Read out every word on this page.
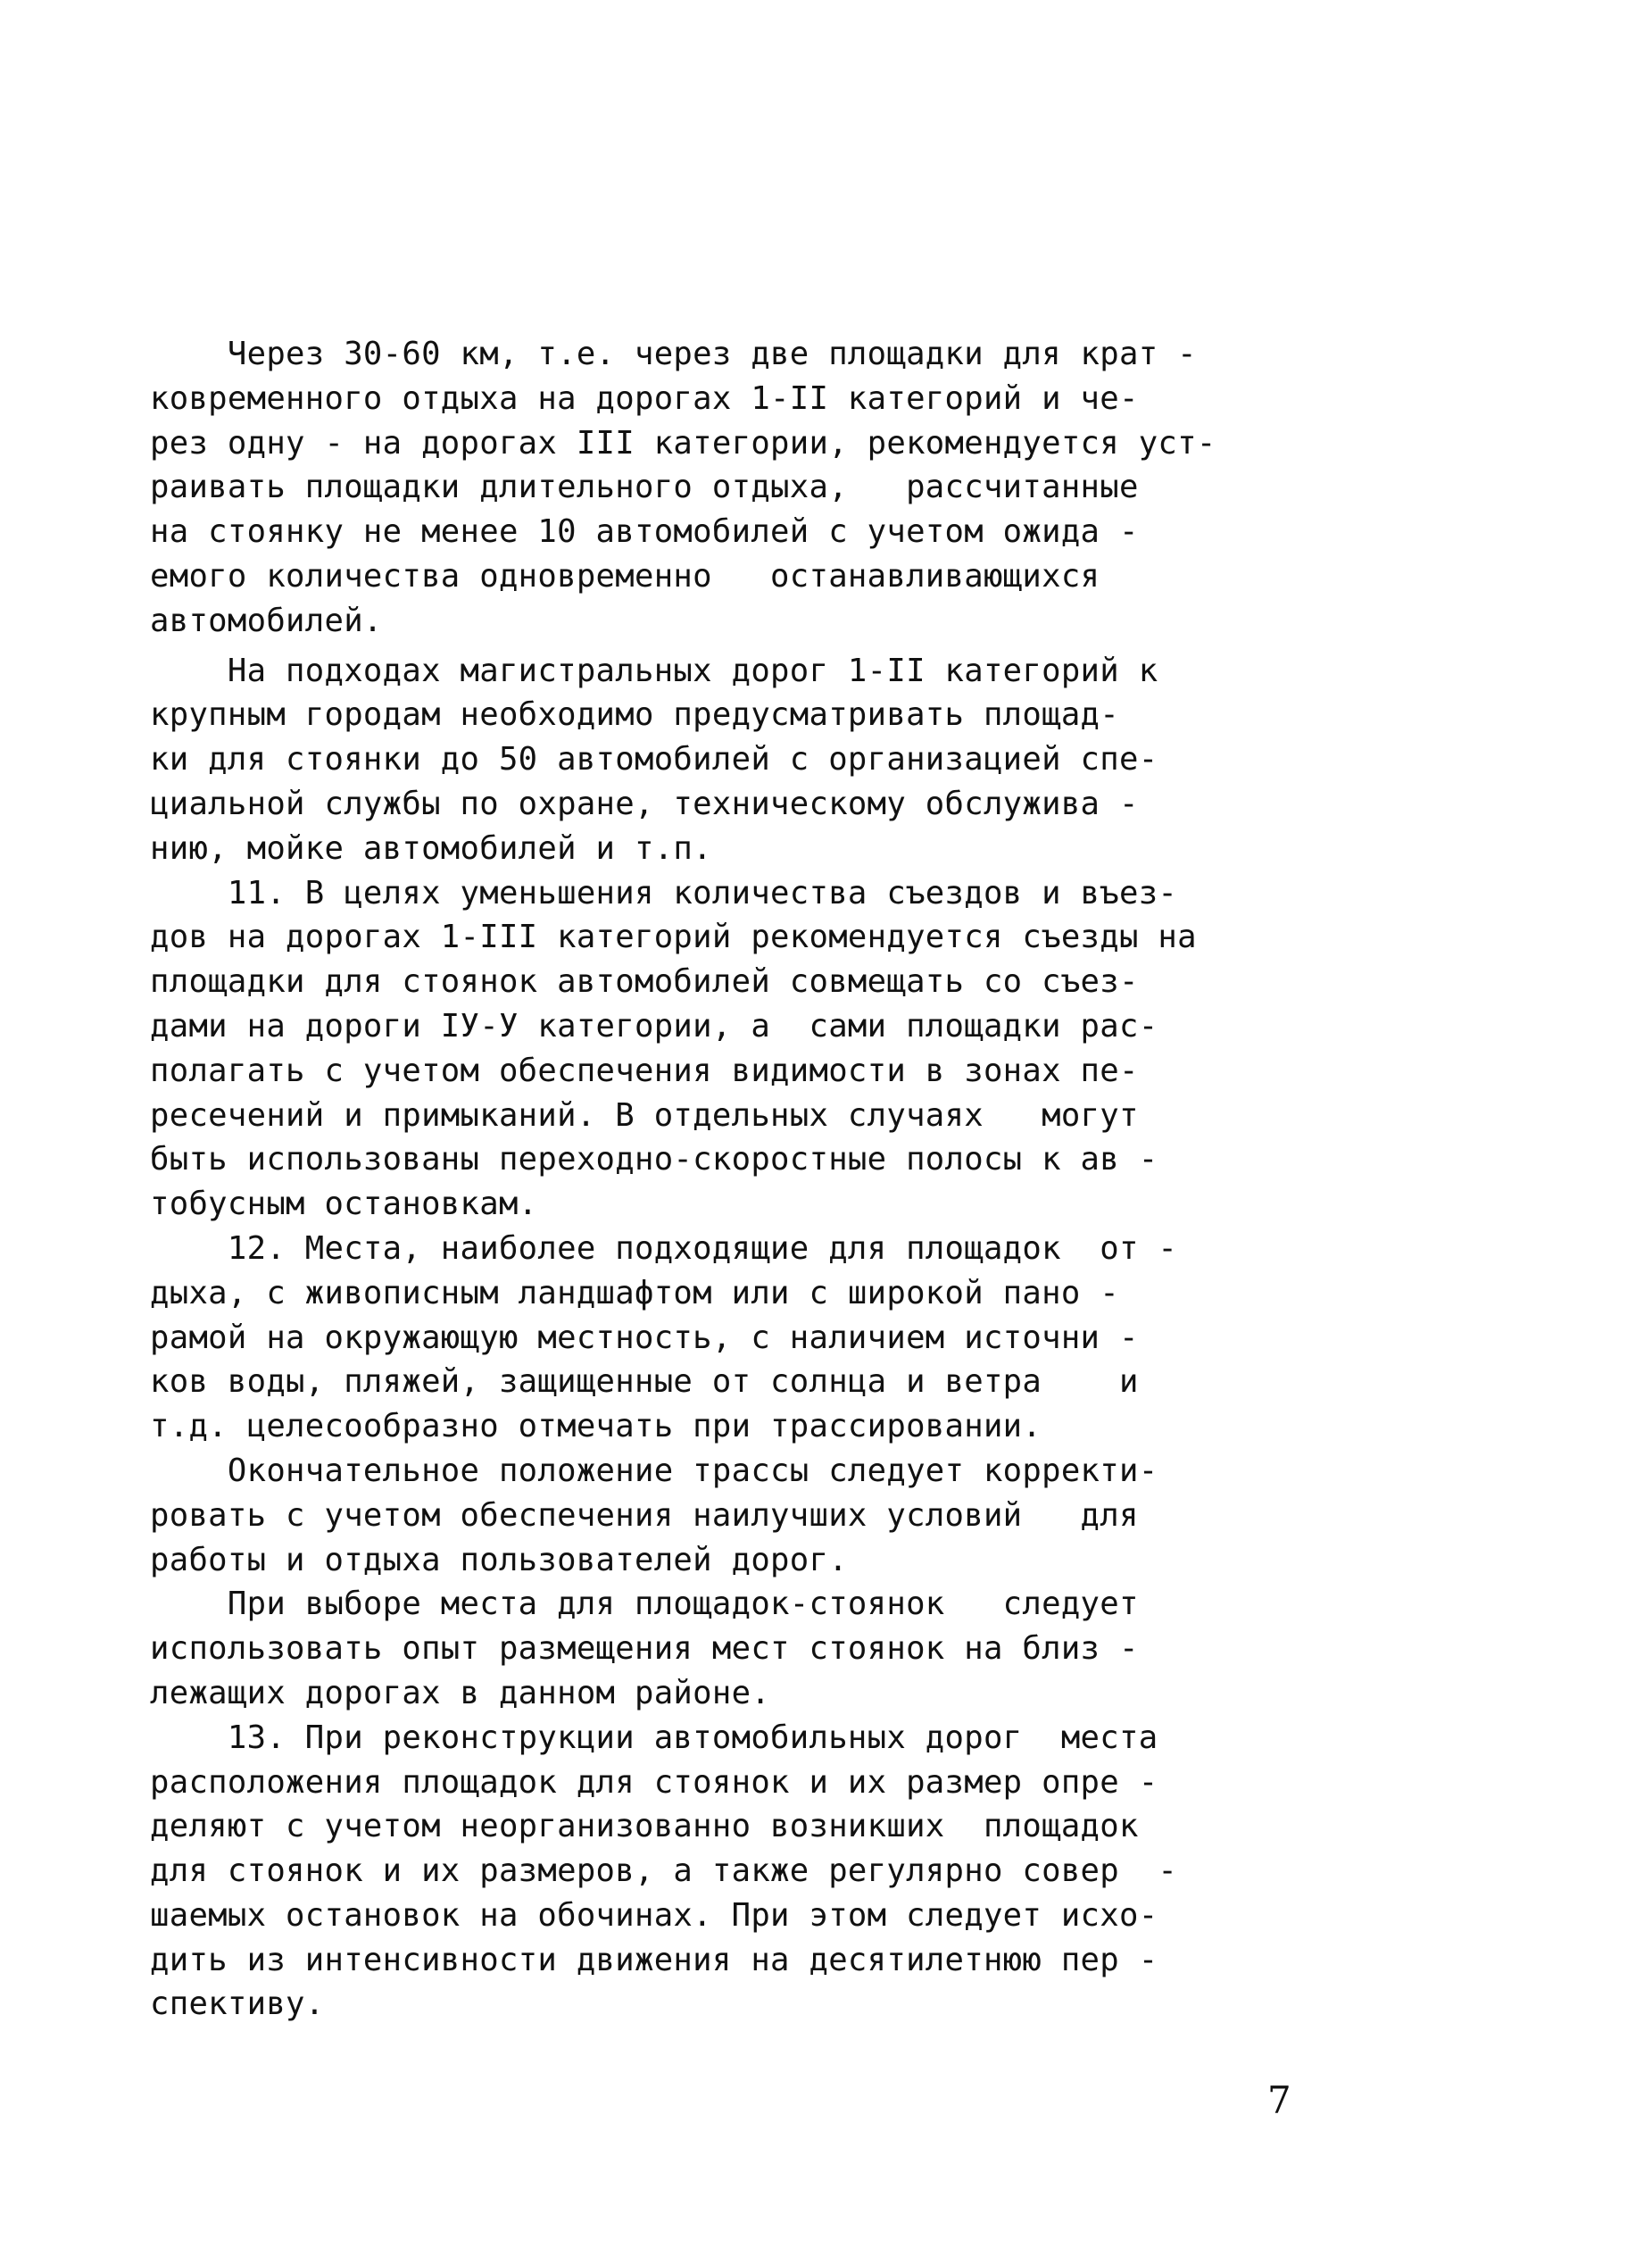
Через 30-60 км, т.е. через две площадки для крат -
ковременного отдыха на дорогах 1-II категорий и че-
рез одну - на дорогах III категории, рекомендуется уст-
раивать площадки длительного отдыха,   рассчитанные
на стоянку не менее 10 автомобилей с учетом ожида -
емого количества одновременно   останавливающихся
автомобилей.
На подходах магистральных дорог 1-II категорий к
крупным городам необходимо предусматривать площад-
ки для стоянки до 50 автомобилей с организацией спе-
циальной службы по охране, техническому обслужива -
нию, мойке автомобилей и т.п.
11. В целях уменьшения количества съездов и въез-
дов на дорогах 1-III категорий рекомендуется съезды на
площадки для стоянок автомобилей совмещать со съез-
дами на дороги IУ-У категории, а  сами площадки рас-
полагать с учетом обеспечения видимости в зонах пе-
ресечений и примыканий. В отдельных случаях   могут
быть использованы переходно-скоростные полосы к ав -
тобусным остановкам.
12. Места, наиболее подходящие для площадок  от -
дыха, с живописным ландшафтом или с широкой пано -
рамой на окружающую местность, с наличием источни -
ков воды, пляжей, защищенные от солнца и ветра    и
т.д. целесообразно отмечать при трассировании.
Окончательное положение трассы следует корректи-
ровать с учетом обеспечения наилучших условий   для
работы и отдыха пользователей дорог.
При выборе места для площадок-стоянок   следует
использовать опыт размещения мест стоянок на близ -
лежащих дорогах в данном районе.
13. При реконструкции автомобильных дорог  места
расположения площадок для стоянок и их размер опре -
деляют с учетом неорганизованно возникших  площадок
для стоянок и их размеров, а также регулярно совер  -
шаемых остановок на обочинах. При этом следует исхо-
дить из интенсивности движения на десятилетнюю пер -
спективу.
7
